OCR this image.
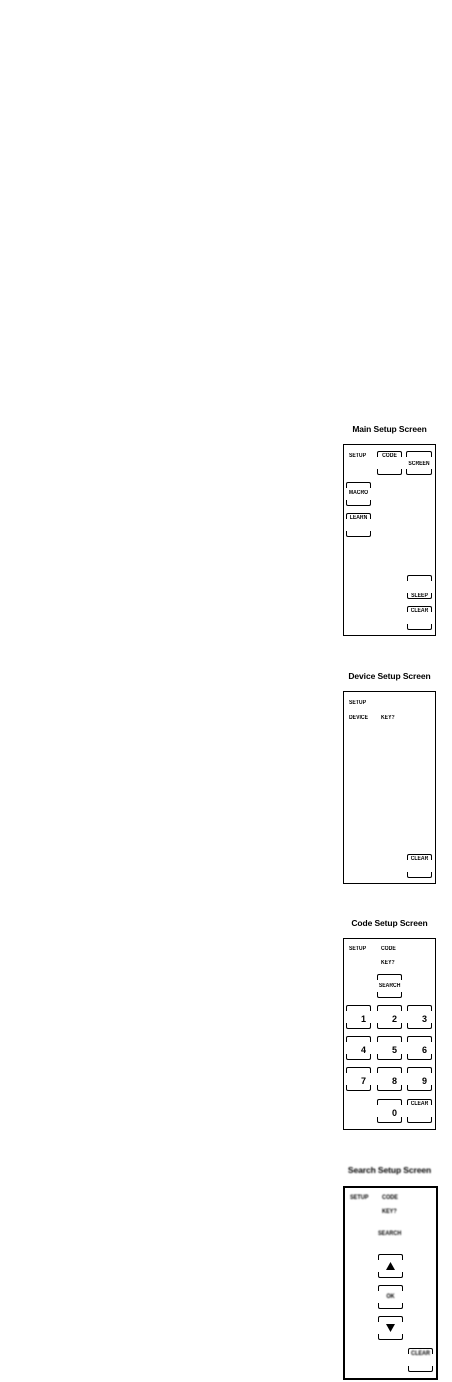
Main Setup Screen
SETUP	CODE
SCREEN
MACRO
LEARN
SLEEP
CLEAR
Device Setup Screen
SETUP
DEVICE KEY?
CLEAR
Code Setup Screen
SETUP CODE
KEY?
SEARCH
1	2	3
4	5	6
7	8	9
0
CLEAR
Search Setup Screen
SETUP CODE
KEY?
SEARCH
OK
CLEAR
